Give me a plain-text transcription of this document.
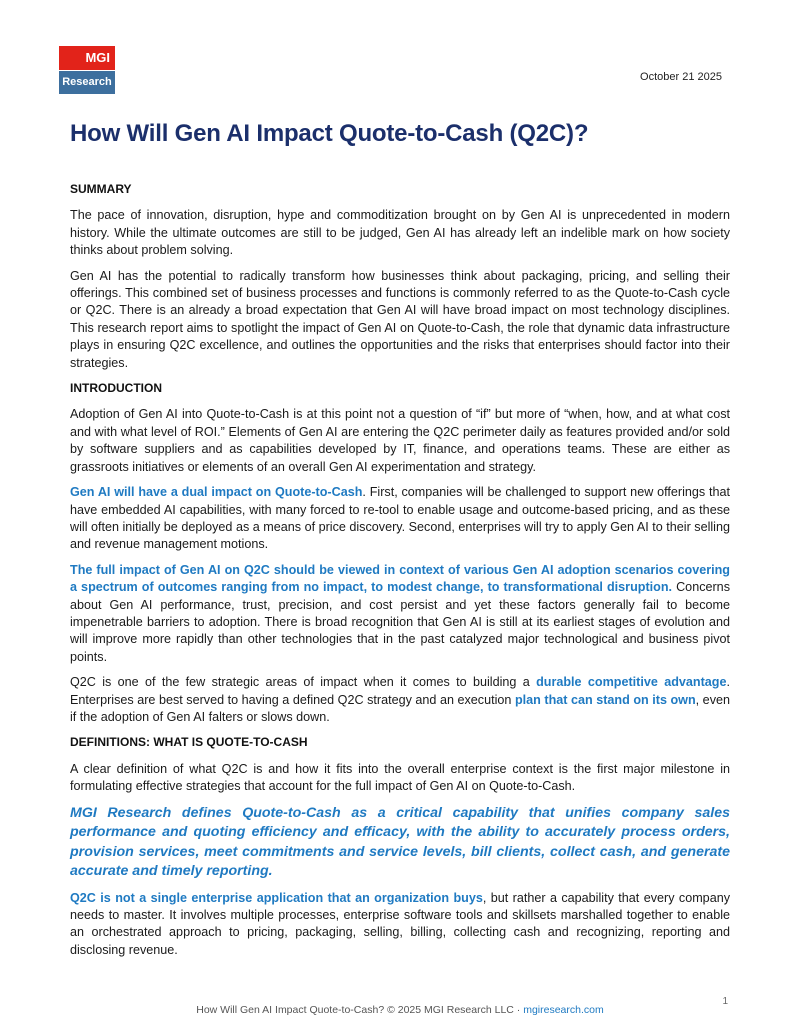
MGI
Research	October 21 2025
How Will Gen AI Impact Quote-to-Cash (Q2C)?
SUMMARY

The pace of innovation, disruption, hype and commoditization brought on by Gen AI is unprecedented in modern history. While the ultimate outcomes are still to be judged, Gen AI has already left an indelible mark on how society thinks about problem solving.

Gen AI has the potential to radically transform how businesses think about packaging, pricing, and selling their offerings. This combined set of business processes and functions is commonly referred to as the Quote-to-Cash cycle or Q2C. There is an already a broad expectation that Gen AI will have broad impact on most technology disciplines. This research report aims to spotlight the impact of Gen AI on Quote-to-Cash, the role that dynamic data infrastructure plays in ensuring Q2C excellence, and outlines the opportunities and the risks that enterprises should factor into their strategies.

INTRODUCTION

Adoption of Gen AI into Quote-to-Cash is at this point not a question of “if” but more of “when, how, and at what cost and with what level of ROI.” Elements of Gen AI are entering the Q2C perimeter daily as features provided and/or sold by software suppliers and as capabilities developed by IT, finance, and operations teams. These are either as grassroots initiatives or elements of an overall Gen AI experimentation and strategy.

Gen AI will have a dual impact on Quote-to-Cash. First, companies will be challenged to support new offerings that have embedded AI capabilities, with many forced to re-tool to enable usage and outcome-based pricing, and as these will often initially be deployed as a means of price discovery. Second, enterprises will try to apply Gen AI to their selling and revenue management motions.

The full impact of Gen AI on Q2C should be viewed in context of various Gen AI adoption scenarios covering a spectrum of outcomes ranging from no impact, to modest change, to transformational disruption. Concerns about Gen AI performance, trust, precision, and cost persist and yet these factors generally fail to become impenetrable barriers to adoption. There is broad recognition that Gen AI is still at its earliest stages of evolution and will improve more rapidly than other technologies that in the past catalyzed major technological and business pivot points.

Q2C is one of the few strategic areas of impact when it comes to building a durable competitive advantage. Enterprises are best served to having a defined Q2C strategy and an execution plan that can stand on its own, even if the adoption of Gen AI falters or slows down.

DEFINITIONS: WHAT IS QUOTE-TO-CASH

A clear definition of what Q2C is and how it fits into the overall enterprise context is the first major milestone in formulating effective strategies that account for the full impact of Gen AI on Quote-to-Cash.

MGI Research defines Quote-to-Cash as a critical capability that unifies company sales performance and quoting efficiency and efficacy, with the ability to accurately process orders, provision services, meet commitments and service levels, bill clients, collect cash, and generate accurate and timely reporting.

Q2C is not a single enterprise application that an organization buys, but rather a capability that every company needs to master. It involves multiple processes, enterprise software tools and skillsets marshalled together to enable an orchestrated approach to pricing, packaging, selling, billing, collecting cash and recognizing, reporting and disclosing revenue.

1
How Will Gen AI Impact Quote-to-Cash? © 2025 MGI Research LLC · mgiresearch.com
